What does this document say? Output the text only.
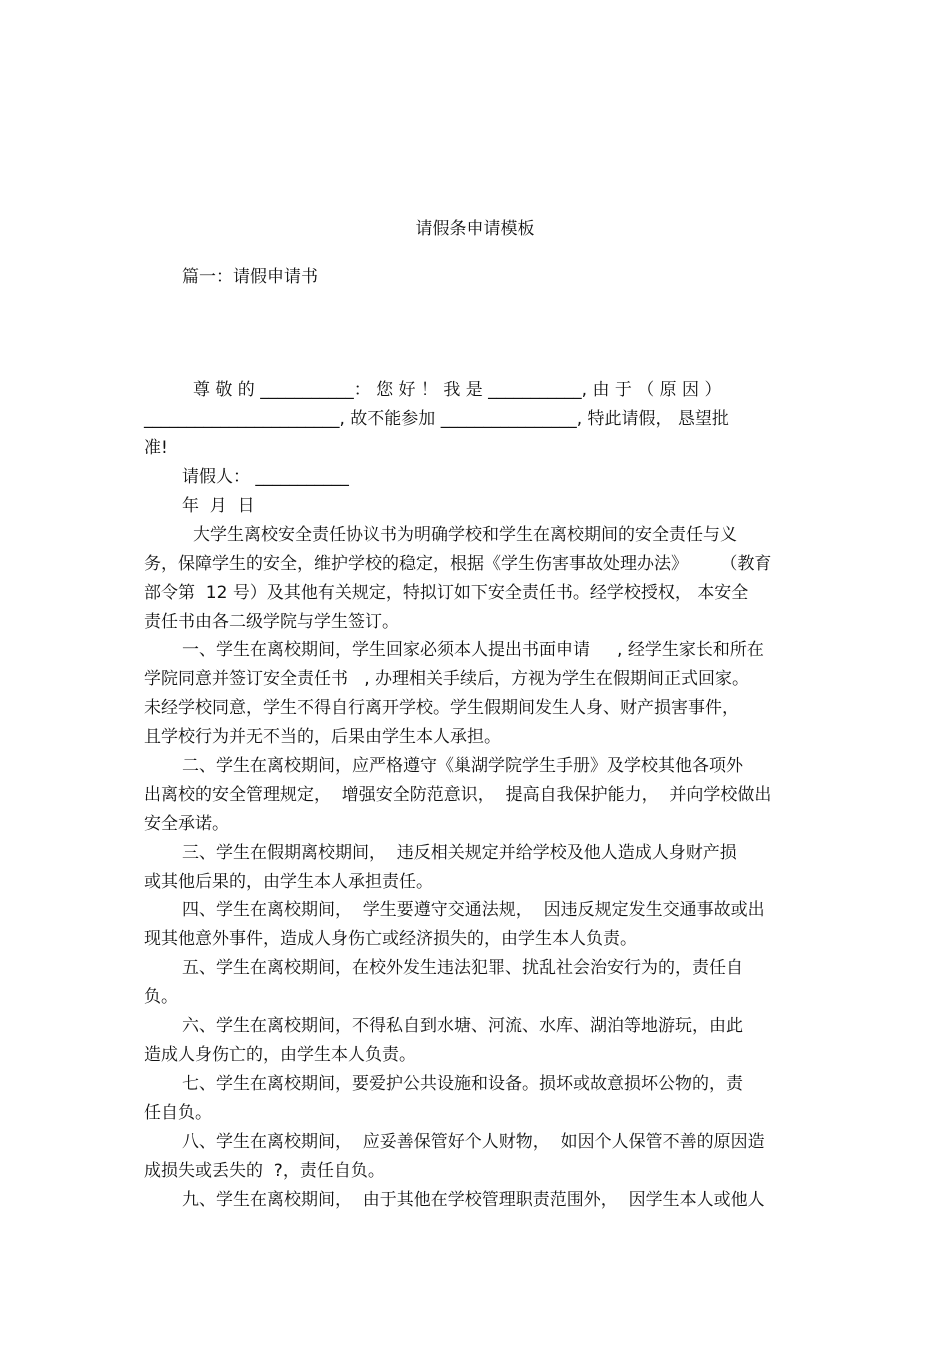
请假条申请模板

篇一：请假申请书

尊 敬 的 ___________： 您 好 ！ 我 是 ___________, 由 于 （ 原 因 ）

_______________________, 故不能参加 ________________, 特此请假， 恳望批

准!

请假人： ___________

年  月  日

大学生离校安全责任协议书为明确学校和学生在离校期间的安全责任与义

务，保障学生的安全，维护学校的稳定，根据《学生伤害事故处理办法》      （教育

部令第  12 号）及其他有关规定，特拟订如下安全责任书。经学校授权， 本安全

责任书由各二级学院与学生签订。

一、学生在离校期间，学生回家必须本人提出书面申请     , 经学生家长和所在

学院同意并签订安全责任书   , 办理相关手续后，方视为学生在假期间正式回家。

未经学校同意，学生不得自行离开学校。学生假期间发生人身、财产损害事件，

且学校行为并无不当的，后果由学生本人承担。

二、学生在离校期间，应严格遵守《巢湖学院学生手册》及学校其他各项外

出离校的安全管理规定，  增强安全防范意识，  提高自我保护能力，  并向学校做出

安全承诺。

三、学生在假期离校期间，  违反相关规定并给学校及他人造成人身财产损

或其他后果的，由学生本人承担责任。

四、学生在离校期间，  学生要遵守交通法规，  因违反规定发生交通事故或出

现其他意外事件，造成人身伤亡或经济损失的，由学生本人负责。

五、学生在离校期间，在校外发生违法犯罪、扰乱社会治安行为的，责任自

负。

六、学生在离校期间，不得私自到水塘、河流、水库、湖泊等地游玩，由此

造成人身伤亡的，由学生本人负责。

七、学生在离校期间，要爱护公共设施和设备。损坏或故意损坏公物的，责

任自负。

八、学生在离校期间，  应妥善保管好个人财物，  如因个人保管不善的原因造

成损失或丢失的  ?，责任自负。

九、学生在离校期间，  由于其他在学校管理职责范围外，  因学生本人或他人
